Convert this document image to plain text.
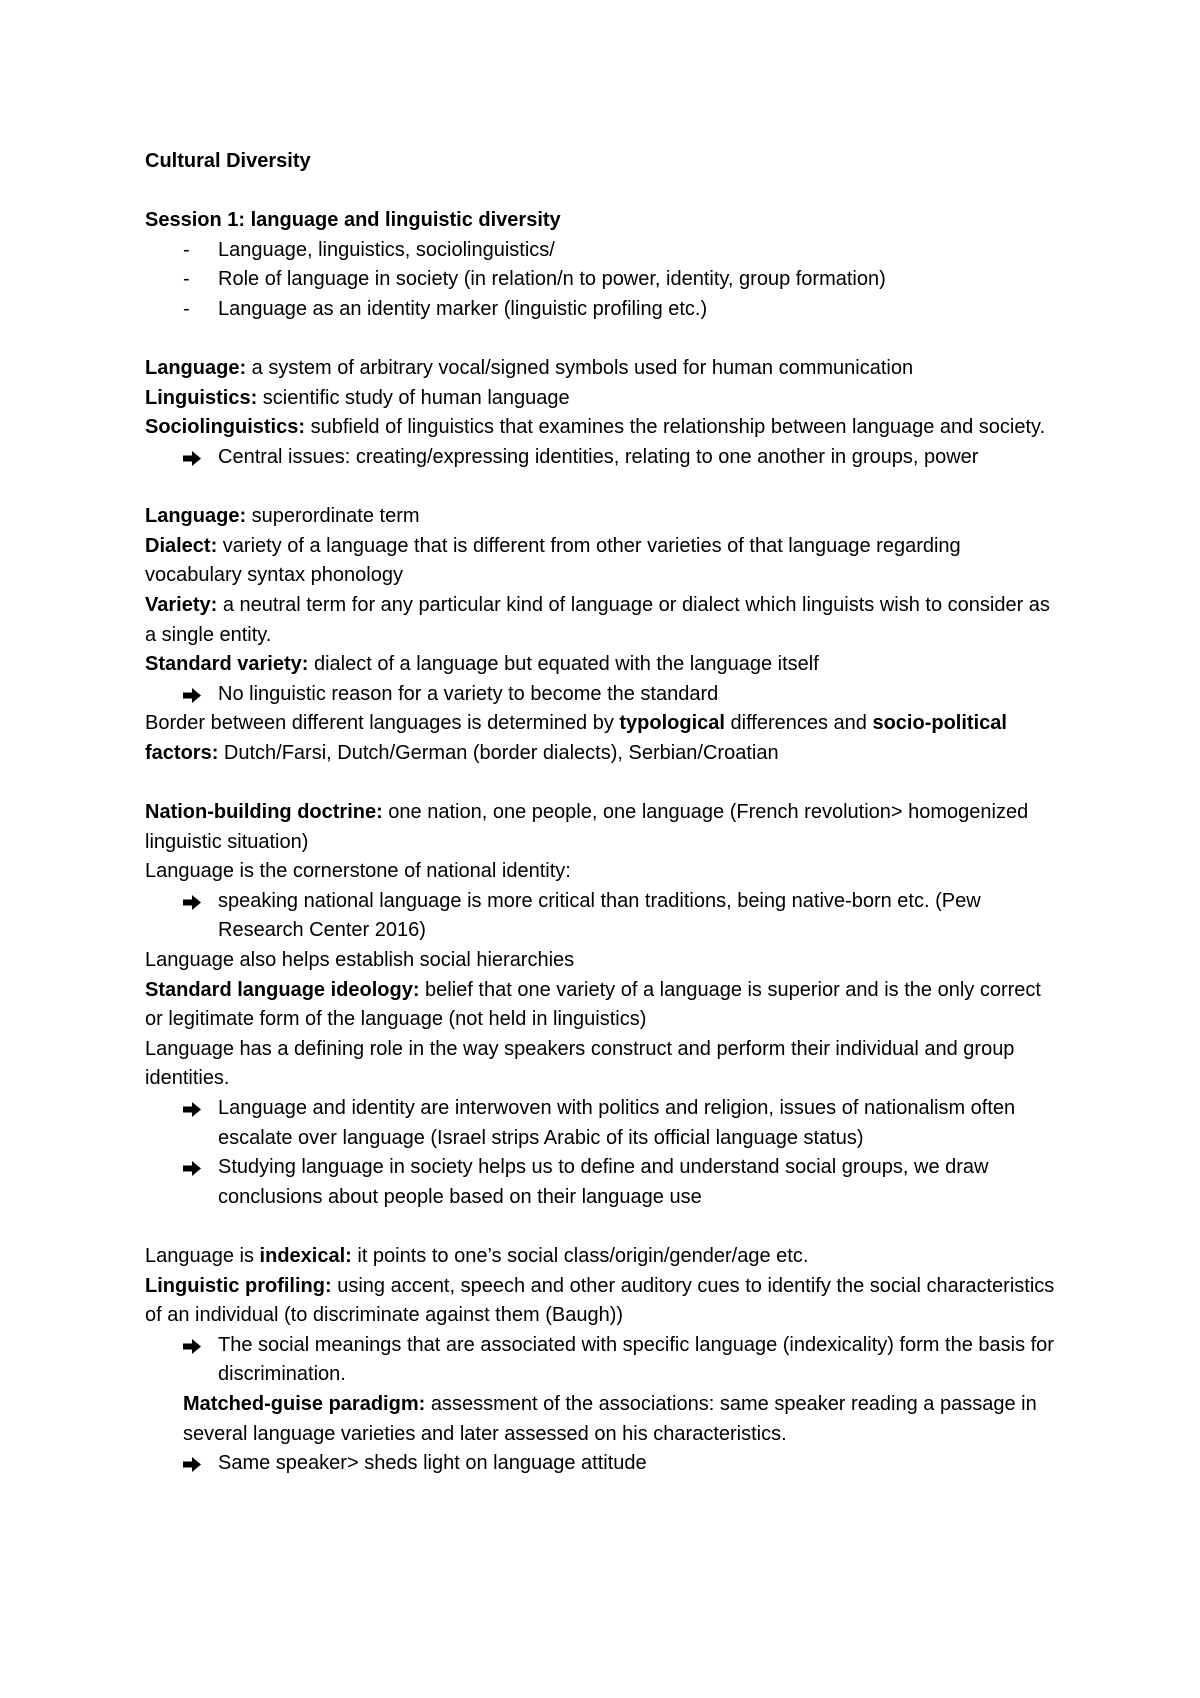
Cultural Diversity
Session 1: language and linguistic diversity
- Language, linguistics, sociolinguistics/
- Role of language in society (in relation/n to power, identity, group formation)
- Language as an identity marker (linguistic profiling etc.)
Language: a system of arbitrary vocal/signed symbols used for human communication
Linguistics: scientific study of human language
Sociolinguistics: subfield of linguistics that examines the relationship between language and society.
Central issues: creating/expressing identities, relating to one another in groups, power
Language: superordinate term
Dialect: variety of a language that is different from other varieties of that language regarding vocabulary syntax phonology
Variety: a neutral term for any particular kind of language or dialect which linguists wish to consider as a single entity.
Standard variety: dialect of a language but equated with the language itself
No linguistic reason for a variety to become the standard
Border between different languages is determined by typological differences and socio-political factors: Dutch/Farsi, Dutch/German (border dialects), Serbian/Croatian
Nation-building doctrine: one nation, one people, one language (French revolution> homogenized linguistic situation)
Language is the cornerstone of national identity:
speaking national language is more critical than traditions, being native-born etc. (Pew Research Center 2016)
Language also helps establish social hierarchies
Standard language ideology: belief that one variety of a language is superior and is the only correct or legitimate form of the language (not held in linguistics)
Language has a defining role in the way speakers construct and perform their individual and group identities.
Language and identity are interwoven with politics and religion, issues of nationalism often escalate over language (Israel strips Arabic of its official language status)
Studying language in society helps us to define and understand social groups, we draw conclusions about people based on their language use
Language is indexical: it points to one’s social class/origin/gender/age etc.
Linguistic profiling: using accent, speech and other auditory cues to identify the social characteristics of an individual (to discriminate against them (Baugh))
The social meanings that are associated with specific language (indexicality) form the basis for discrimination.
Matched-guise paradigm: assessment of the associations: same speaker reading a passage in several language varieties and later assessed on his characteristics.
Same speaker> sheds light on language attitude
